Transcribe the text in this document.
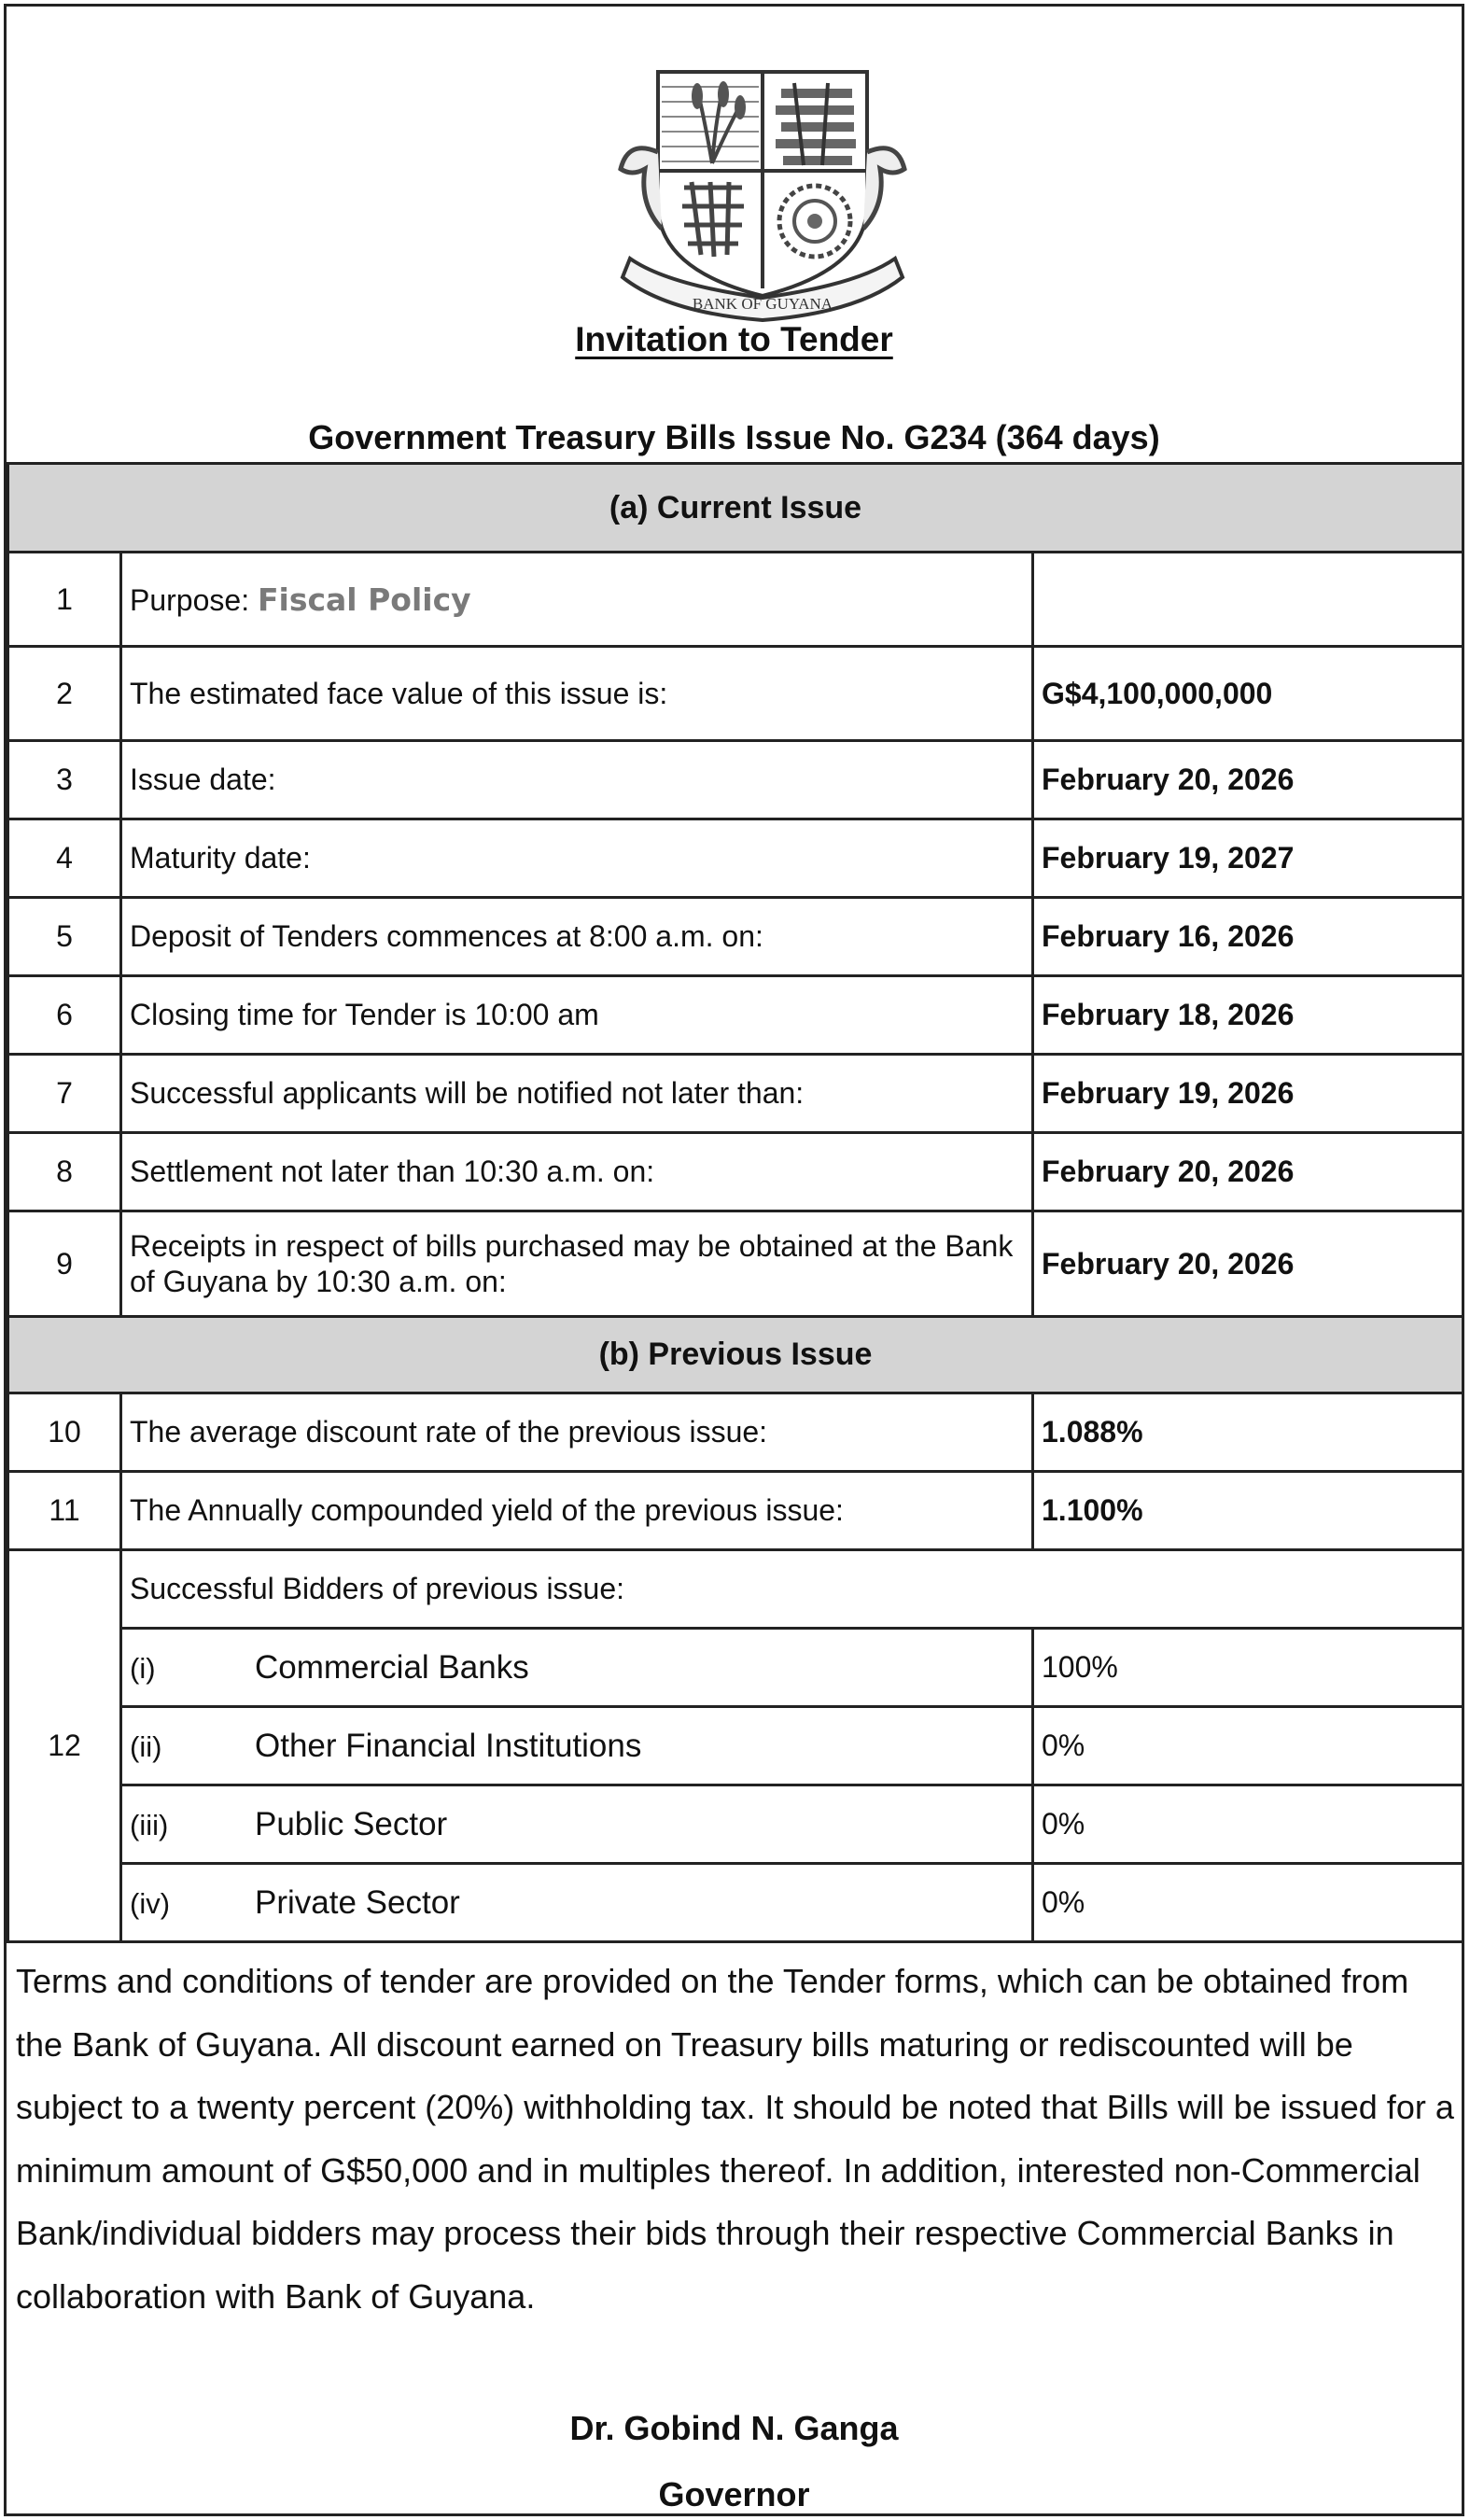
BANK OF GUYANA
Invitation to Tender
Government Treasury Bills Issue No. G234 (364 days)
(a) Current Issue		
1	Purpose: Fiscal Policy	
2	The estimated face value of this issue is:	G$4,100,000,000
3	Issue date:	February 20, 2026
4	Maturity date:	February 19, 2027
5	Deposit of Tenders commences at 8:00 a.m. on:	February 16, 2026
6	Closing time for Tender is 10:00 am	February 18, 2026
7	Successful applicants will be notified not later than:	February 19, 2026
8	Settlement not later than 10:30 a.m. on:	February 20, 2026
9	Receipts in respect of bills purchased may be obtained at the Bank of Guyana by 10:30 a.m. on:	February 20, 2026
(b) Previous Issue		
10	The average discount rate of the previous issue:	1.088%
11	The Annually compounded yield of the previous issue:	1.100%
12	Successful Bidders of previous issue:	
	(i) Commercial Banks	100%
	(ii) Other Financial Institutions	0%
	(iii) Public Sector	0%
	(iv) Private Sector	0%
Terms and conditions of tender are provided on the Tender forms, which can be obtained from the Bank of Guyana. All discount earned on Treasury bills maturing or rediscounted will be subject to a twenty percent (20%) withholding tax. It should be noted that Bills will be issued for a minimum amount of G$50,000 and in multiples thereof. In addition, interested non-Commercial Bank/individual bidders may process their bids through their respective Commercial Banks in collaboration with Bank of Guyana.
Dr. Gobind N. Ganga
Governor
